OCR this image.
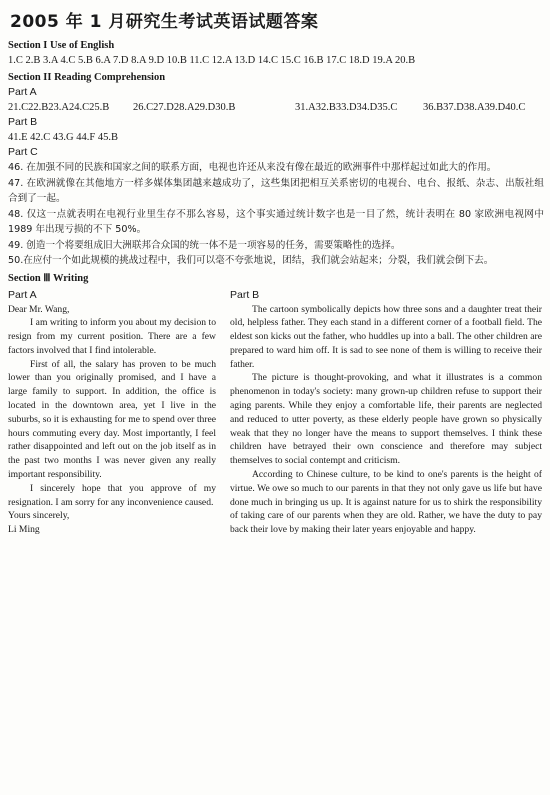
2005 年 1 月研究生考试英语试题答案
Section I Use of English
1.C 2.B 3.A 4.C 5.B 6.A 7.D 8.A 9.D 10.B 11.C 12.A 13.D 14.C 15.C 16.B 17.C 18.D 19.A 20.B
Section II Reading Comprehension
Part A
21.C22.B23.A24.C25.B	26.C27.D28.A29.D30.B	31.A32.B33.D34.D35.C	36.B37.D38.A39.D40.C
Part B
41.E 42.C 43.G 44.F 45.B
Part C
46. 在加强不同的民族和国家之间的联系方面，电视也许还从来没有像在最近的欧洲事件中那样起过如此大的作用。
47. 在欧洲就像在其他地方一样多媒体集团越来越成功了，这些集团把相互关系密切的电视台、电台、报纸、杂志、出版社组合到了一起。
48. 仅这一点就表明在电视行业里生存不那么容易，这个事实通过统计数字也是一目了然，统计表明在 80 家欧洲电视网中 1989 年出现亏损的不下 50%。
49. 创造一个将要组成旧大洲联邦合众国的统一体不是一项容易的任务，需要策略性的选择。
50.在应付一个如此规模的挑战过程中，我们可以毫不夸张地说，团结，我们就会站起来；分裂，我们就会倒下去。
Section Ⅲ Writing
Part A

Dear Mr. Wang,

I am writing to inform you about my decision to resign from my current position. There are a few factors involved that I find intolerable.

First of all, the salary has proven to be much lower than you originally promised, and I have a large family to support. In addition, the office is located in the downtown area, yet I live in the suburbs, so it is exhausting for me to spend over three hours commuting every day. Most importantly, I feel rather disappointed and left out on the job itself as in the past two months I was never given any really important responsibility.

I sincerely hope that you approve of my resignation. I am sorry for any inconvenience caused.

Yours sincerely,

Li Ming

Part B

The cartoon symbolically depicts how three sons and a daughter treat their old, helpless father. They each stand in a different corner of a football field. The eldest son kicks out the father, who huddles up into a ball. The other children are prepared to ward him off. It is sad to see none of them is willing to receive their father.

The picture is thought-provoking, and what it illustrates is a common phenomenon in today's society: many grown-up children refuse to support their aging parents. While they enjoy a comfortable life, their parents are neglected and reduced to utter poverty, as these elderly people have grown so physically weak that they no longer have the means to support themselves. I think these children have betrayed their own conscience and therefore may subject themselves to social contempt and criticism.

According to Chinese culture, to be kind to one's parents is the height of virtue. We owe so much to our parents in that they not only gave us life but have done much in bringing us up. It is against nature for us to shirk the responsibility of taking care of our parents when they are old. Rather, we have the duty to pay back their love by making their later years enjoyable and happy.
